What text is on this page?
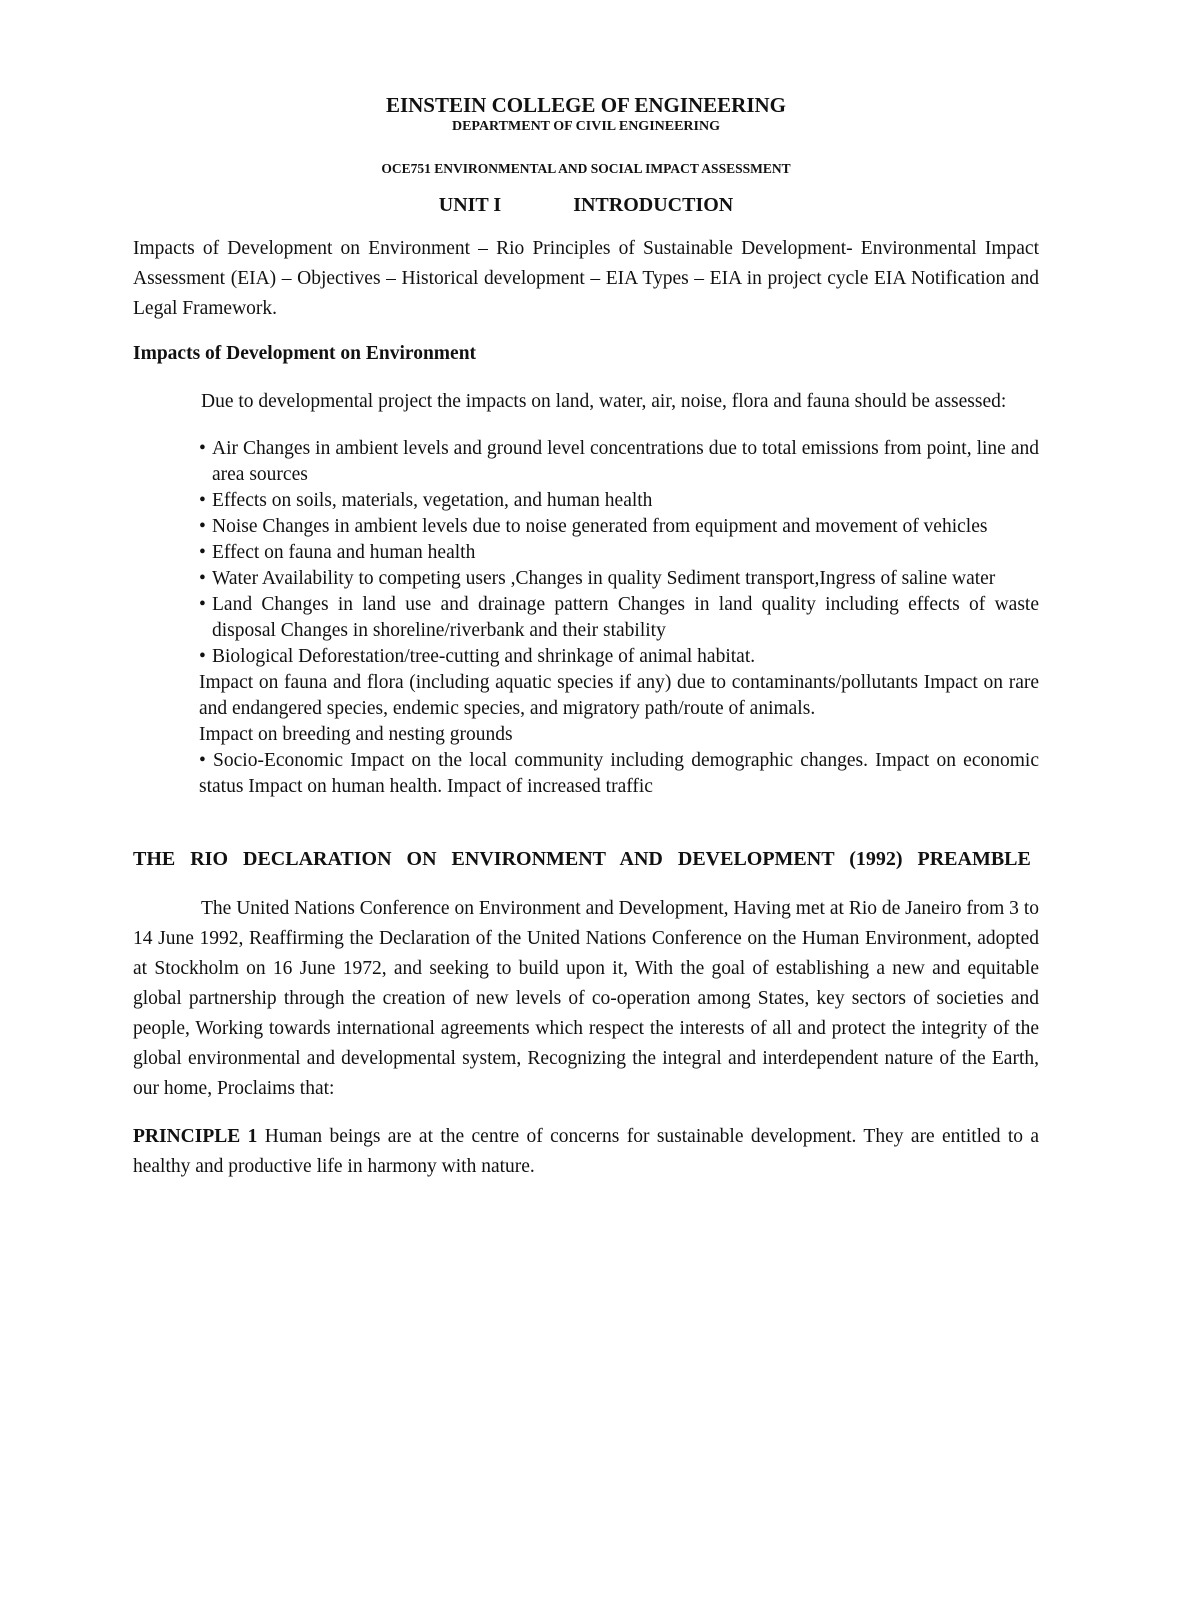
EINSTEIN COLLEGE OF ENGINEERING
DEPARTMENT OF CIVIL ENGINEERING
OCE751 ENVIRONMENTAL AND SOCIAL IMPACT ASSESSMENT
UNIT I	INTRODUCTION

Impacts of Development on Environment – Rio Principles of Sustainable Development- Environmental Impact Assessment (EIA) – Objectives – Historical development – EIA Types – EIA in project cycle EIA Notification and Legal Framework.

Impacts of Development on Environment

Due to developmental project the impacts on land, water, air, noise, flora and fauna should be assessed:

• Air Changes in ambient levels and ground level concentrations due to total emissions from point, line and area sources
• Effects on soils, materials, vegetation, and human health
• Noise Changes in ambient levels due to noise generated from equipment and movement of vehicles
• Effect on fauna and human health
• Water Availability to competing users ,Changes in quality Sediment transport,Ingress of saline water
• Land Changes in land use and drainage pattern Changes in land quality including effects of waste disposal Changes in shoreline/riverbank and their stability
• Biological Deforestation/tree-cutting and shrinkage of animal habitat.
Impact on fauna and flora (including aquatic species if any) due to contaminants/pollutants Impact on rare and endangered species, endemic species, and migratory path/route of animals.
Impact on breeding and nesting grounds
• Socio-Economic Impact on the local community including demographic changes. Impact on economic status Impact on human health. Impact of increased traffic
THE RIO DECLARATION ON ENVIRONMENT AND DEVELOPMENT (1992) PREAMBLE

The United Nations Conference on Environment and Development, Having met at Rio de Janeiro from 3 to 14 June 1992, Reaffirming the Declaration of the United Nations Conference on the Human Environment, adopted at Stockholm on 16 June 1972, and seeking to build upon it, With the goal of establishing a new and equitable global partnership through the creation of new levels of co-operation among States, key sectors of societies and people, Working towards international agreements which respect the interests of all and protect the integrity of the global environmental and developmental system, Recognizing the integral and interdependent nature of the Earth, our home, Proclaims that:

PRINCIPLE 1 Human beings are at the centre of concerns for sustainable development. They are entitled to a healthy and productive life in harmony with nature.
